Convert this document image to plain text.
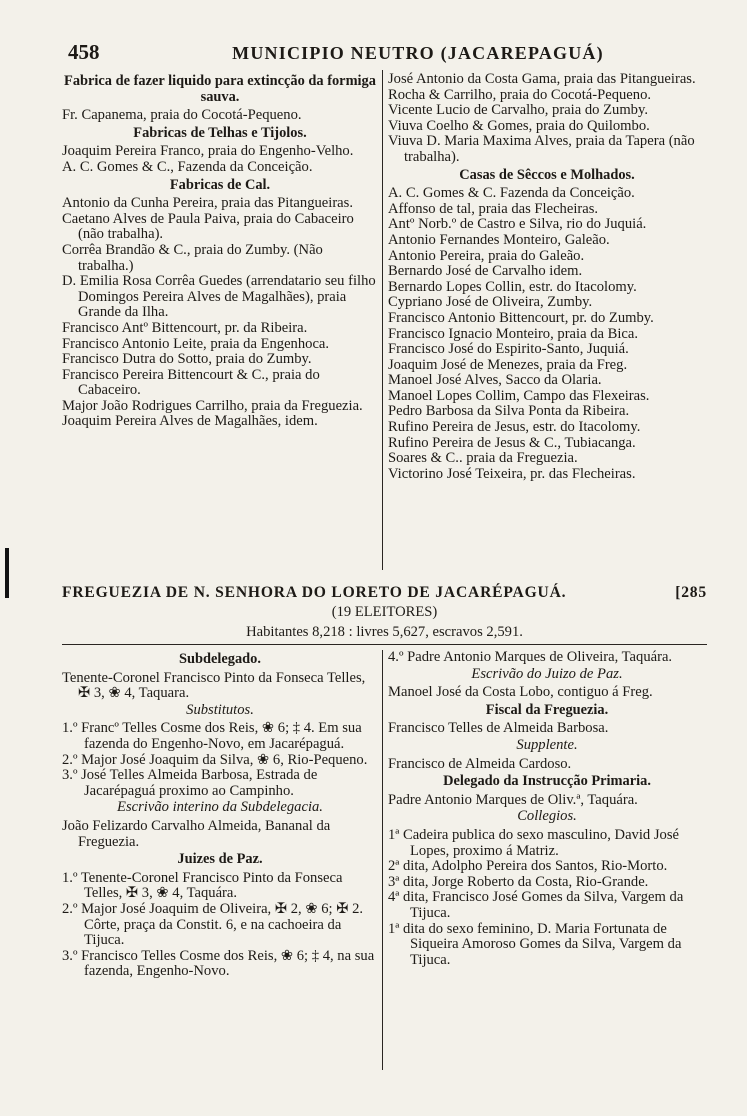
458	MUNICIPIO NEUTRO (JACAREPAGUÁ)
Fabrica de fazer liquido para extincção da formiga sauva.
Fr. Capanema, praia do Cocotá-Pequeno.
Fabricas de Telhas e Tijolos.
Joaquim Pereira Franco, praia do Engenho-Velho.
A. C. Gomes & C., Fazenda da Conceição.
Fabricas de Cal.
Antonio da Cunha Pereira, praia das Pitangueiras.
Caetano Alves de Paula Paiva, praia do Cabaceiro (não trabalha).
Corrêa Brandão & C., praia do Zumby. (Não trabalha.)
D. Emilia Rosa Corrêa Guedes (arrendatario seu filho Domingos Pereira Alves de Magalhães), praia Grande da Ilha.
Francisco Antº Bittencourt, pr. da Ribeira.
Francisco Antonio Leite, praia da Engenhoca.
Francisco Dutra do Sotto, praia do Zumby.
Francisco Pereira Bittencourt & C., praia do Cabaceiro.
Major João Rodrigues Carrilho, praia da Freguezia.
Joaquim Pereira Alves de Magalhães, idem.
José Antonio da Costa Gama, praia das Pitangueiras.
Rocha & Carrilho, praia do Cocotá-Pequeno.
Vicente Lucio de Carvalho, praia do Zumby.
Viuva Coelho & Gomes, praia do Quilombo.
Viuva D. Maria Maxima Alves, praia da Tapera (não trabalha).
Casas de Sêccos e Molhados.
A. C. Gomes & C. Fazenda da Conceição.
Affonso de tal, praia das Flecheiras.
Antº Norb.º de Castro e Silva, rio do Juquiá.
Antonio Fernandes Monteiro, Galeão.
Antonio Pereira, praia do Galeão.
Bernardo José de Carvalho idem.
Bernardo Lopes Collin, estr. do Itacolomy.
Cypriano José de Oliveira, Zumby.
Francisco Antonio Bittencourt, pr. do Zumby.
Francisco Ignacio Monteiro, praia da Bica.
Francisco José do Espirito-Santo, Juquiá.
Joaquim José de Menezes, praia da Freg.
Manoel José Alves, Sacco da Olaria.
Manoel Lopes Collim, Campo das Flexeiras.
Pedro Barbosa da Silva Ponta da Ribeira.
Rufino Pereira de Jesus, estr. do Itacolomy.
Rufino Pereira de Jesus & C., Tubiacanga.
Soares & C.. praia da Freguezia.
Victorino José Teixeira, pr. das Flecheiras.
FREGUEZIA DE N. SENHORA DO LORETO DE JACARÉPAGUÁ.	[285
(19 ELEITORES)
Habitantes 8,218 : livres 5,627, escravos 2,591.
Subdelegado.
Tenente-Coronel Francisco Pinto da Fonseca Telles, ✠ 3, ❀ 4, Taquara.
Substitutos.
1.º Francº Telles Cosme dos Reis, ❀ 6; ‡ 4. Em sua fazenda do Engenho-Novo, em Jacarépaguá.
2.º Major José Joaquim da Silva, ❀ 6, Rio-Pequeno.
3.º José Telles Almeida Barbosa, Estrada de Jacarépaguá proximo ao Campinho.
Escrivão interino da Subdelegacia.
João Felizardo Carvalho Almeida, Bananal da Freguezia.
Juizes de Paz.
1.º Tenente-Coronel Francisco Pinto da Fonseca Telles, ✠ 3, ❀ 4, Taquára.
2.º Major José Joaquim de Oliveira, ✠ 2, ❀ 6; ✠ 2. Côrte, praça da Constit. 6, e na cachoeira da Tijuca.
3.º Francisco Telles Cosme dos Reis, ❀ 6; ‡ 4, na sua fazenda, Engenho-Novo.
4.º Padre Antonio Marques de Oliveira, Taquára.
Escrivão do Juizo de Paz.
Manoel José da Costa Lobo, contiguo á Freg.
Fiscal da Freguezia.
Francisco Telles de Almeida Barbosa.
Supplente.
Francisco de Almeida Cardoso.
Delegado da Instrucção Primaria.
Padre Antonio Marques de Oliv.ª, Taquára.
Collegios.
1ª Cadeira publica do sexo masculino, David José Lopes, proximo á Matriz.
2ª dita, Adolpho Pereira dos Santos, Rio-Morto.
3ª dita, Jorge Roberto da Costa, Rio-Grande.
4ª dita, Francisco José Gomes da Silva, Vargem da Tijuca.
1ª dita do sexo feminino, D. Maria Fortunata de Siqueira Amoroso Gomes da Silva, Vargem da Tijuca.
